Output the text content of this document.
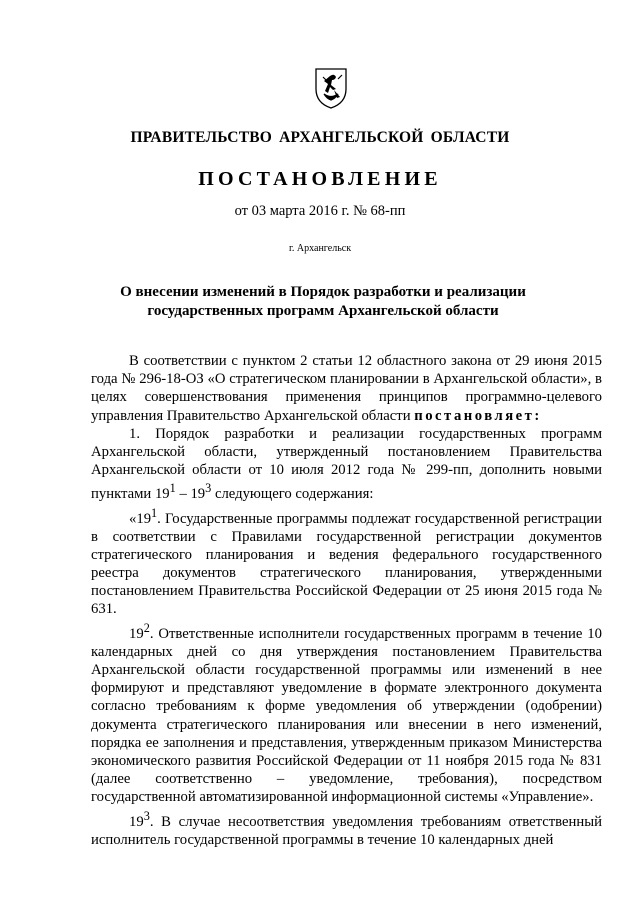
ПРАВИТЕЛЬСТВО АРХАНГЕЛЬСКОЙ ОБЛАСТИ
ПОСТАНОВЛЕНИЕ
от 03 марта 2016 г. № 68-пп
г. Архангельск
О внесении изменений в Порядок разработки и реализации
государственных программ Архангельской области

В соответствии с пунктом 2 статьи 12 областного закона от 29 июня 2015 года № 296-18-ОЗ «О стратегическом планировании в Архангельской области», в целях совершенствования применения принципов программно-целевого управления Правительство Архангельской области постановляет:

1. Порядок разработки и реализации государственных программ Архангельской области, утвержденный постановлением Правительства Архангельской области от 10 июля 2012 года № 299-пп, дополнить новыми пунктами $19^1 - 19^3$ следующего содержания:

«$19^1$. Государственные программы подлежат государственной регистрации в соответствии с Правилами государственной регистрации документов стратегического планирования и ведения федерального государственного реестра документов стратегического планирования, утвержденными постановлением Правительства Российской Федерации от 25 июня 2015 года № 631.

$19^2$. Ответственные исполнители государственных программ в течение 10 календарных дней со дня утверждения постановлением Правительства Архангельской области государственной программы или изменений в нее формируют и представляют уведомление в формате электронного документа согласно требованиям к форме уведомления об утверждении (одобрении) документа стратегического планирования или внесении в него изменений, порядка ее заполнения и представления, утвержденным приказом Министерства экономического развития Российской Федерации от 11 ноября 2015 года № 831 (далее соответственно – уведомление, требования), посредством государственной автоматизированной информационной системы «Управление».

$19^3$. В случае несоответствия уведомления требованиям ответственный исполнитель государственной программы в течение 10 календарных дней
